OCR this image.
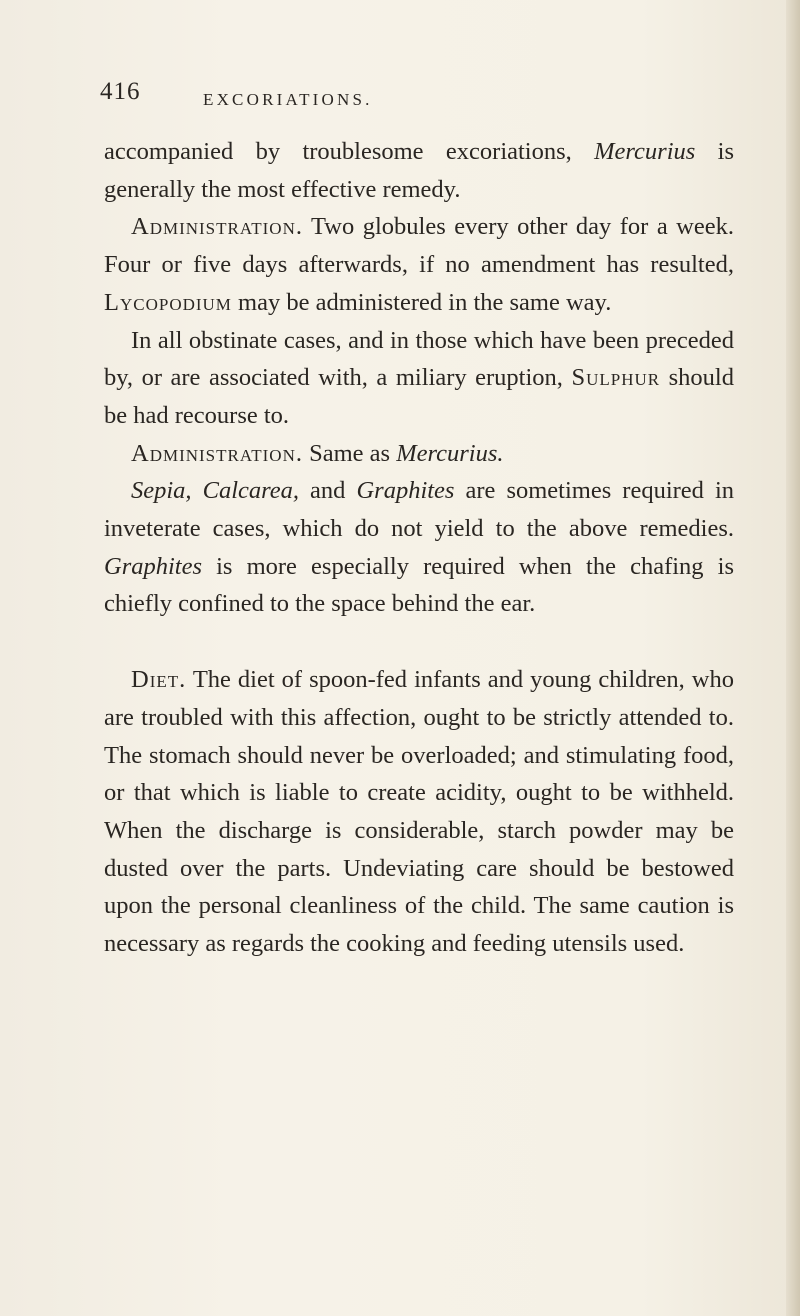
416	EXCORIATIONS.

accompanied by troublesome excoriations, Mercurius is generally the most effective remedy.

Administration. Two globules every other day for a week. Four or five days afterwards, if no amendment has resulted, Lycopodium may be administered in the same way.

In all obstinate cases, and in those which have been preceded by, or are associated with, a miliary eruption, Sulphur should be had recourse to.

Administration. Same as Mercurius.

Sepia, Calcarea, and Graphites are sometimes required in inveterate cases, which do not yield to the above remedies. Graphites is more especially required when the chafing is chiefly confined to the space behind the ear.

Diet. The diet of spoon-fed infants and young children, who are troubled with this affection, ought to be strictly attended to. The stomach should never be overloaded; and stimulating food, or that which is liable to create acidity, ought to be withheld. When the discharge is considerable, starch powder may be dusted over the parts. Undeviating care should be bestowed upon the personal cleanliness of the child. The same caution is necessary as regards the cooking and feeding utensils used.
